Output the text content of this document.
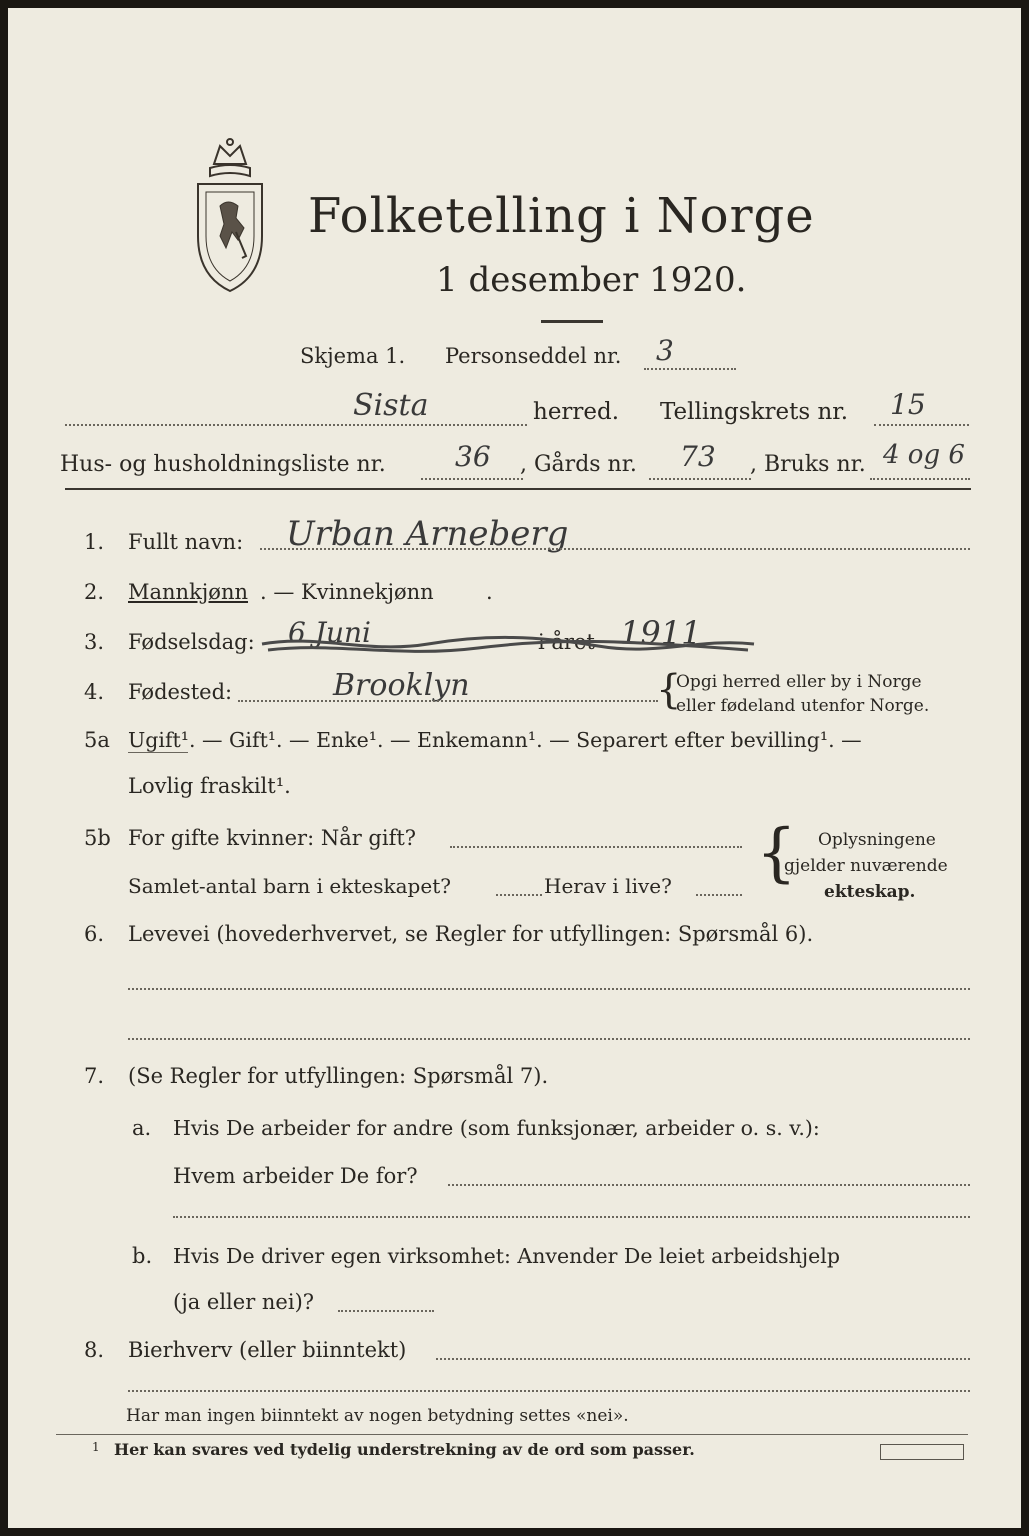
Folketelling i Norge
1 desember 1920.
Skjema 1. Personseddel nr. 3
Sista	herred. Tellingskrets nr. 15
Hus- og husholdningsliste nr. 36 , Gårds nr. 73 , Bruks nr. 4 og 6
1. Fullt navn: Urban Arneberg
2. Mannkjønn . — Kvinnekjønn .
3. Fødselsdag: 6 Juni	i året 1911
4. Fødested:	Brooklyn	{
Opgi herred eller by i Norge
eller fødeland utenfor Norge.
5a Ugift¹. — Gift¹. — Enke¹. — Enkemann¹. — Separert efter bevilling¹. —
Lovlig fraskilt¹.
5b For gifte kvinner: Når gift?
Samlet-antal barn i ekteskapet?	Herav i live? { Oplysningene
gjelder nuværende
ekteskap.
6. Levevei (hovederhvervet, se Regler for utfyllingen: Spørsmål 6).
7. (Se Regler for utfyllingen: Spørsmål 7).
a. Hvis De arbeider for andre (som funksjonær, arbeider o. s. v.):
Hvem arbeider De for?
b. Hvis De driver egen virksomhet: Anvender De leiet arbeidshjelp
(ja eller nei)?
8. Bierhverv (eller biinntekt)
Har man ingen biinntekt av nogen betydning settes «nei».
1 Her kan svares ved tydelig understrekning av de ord som passer.
